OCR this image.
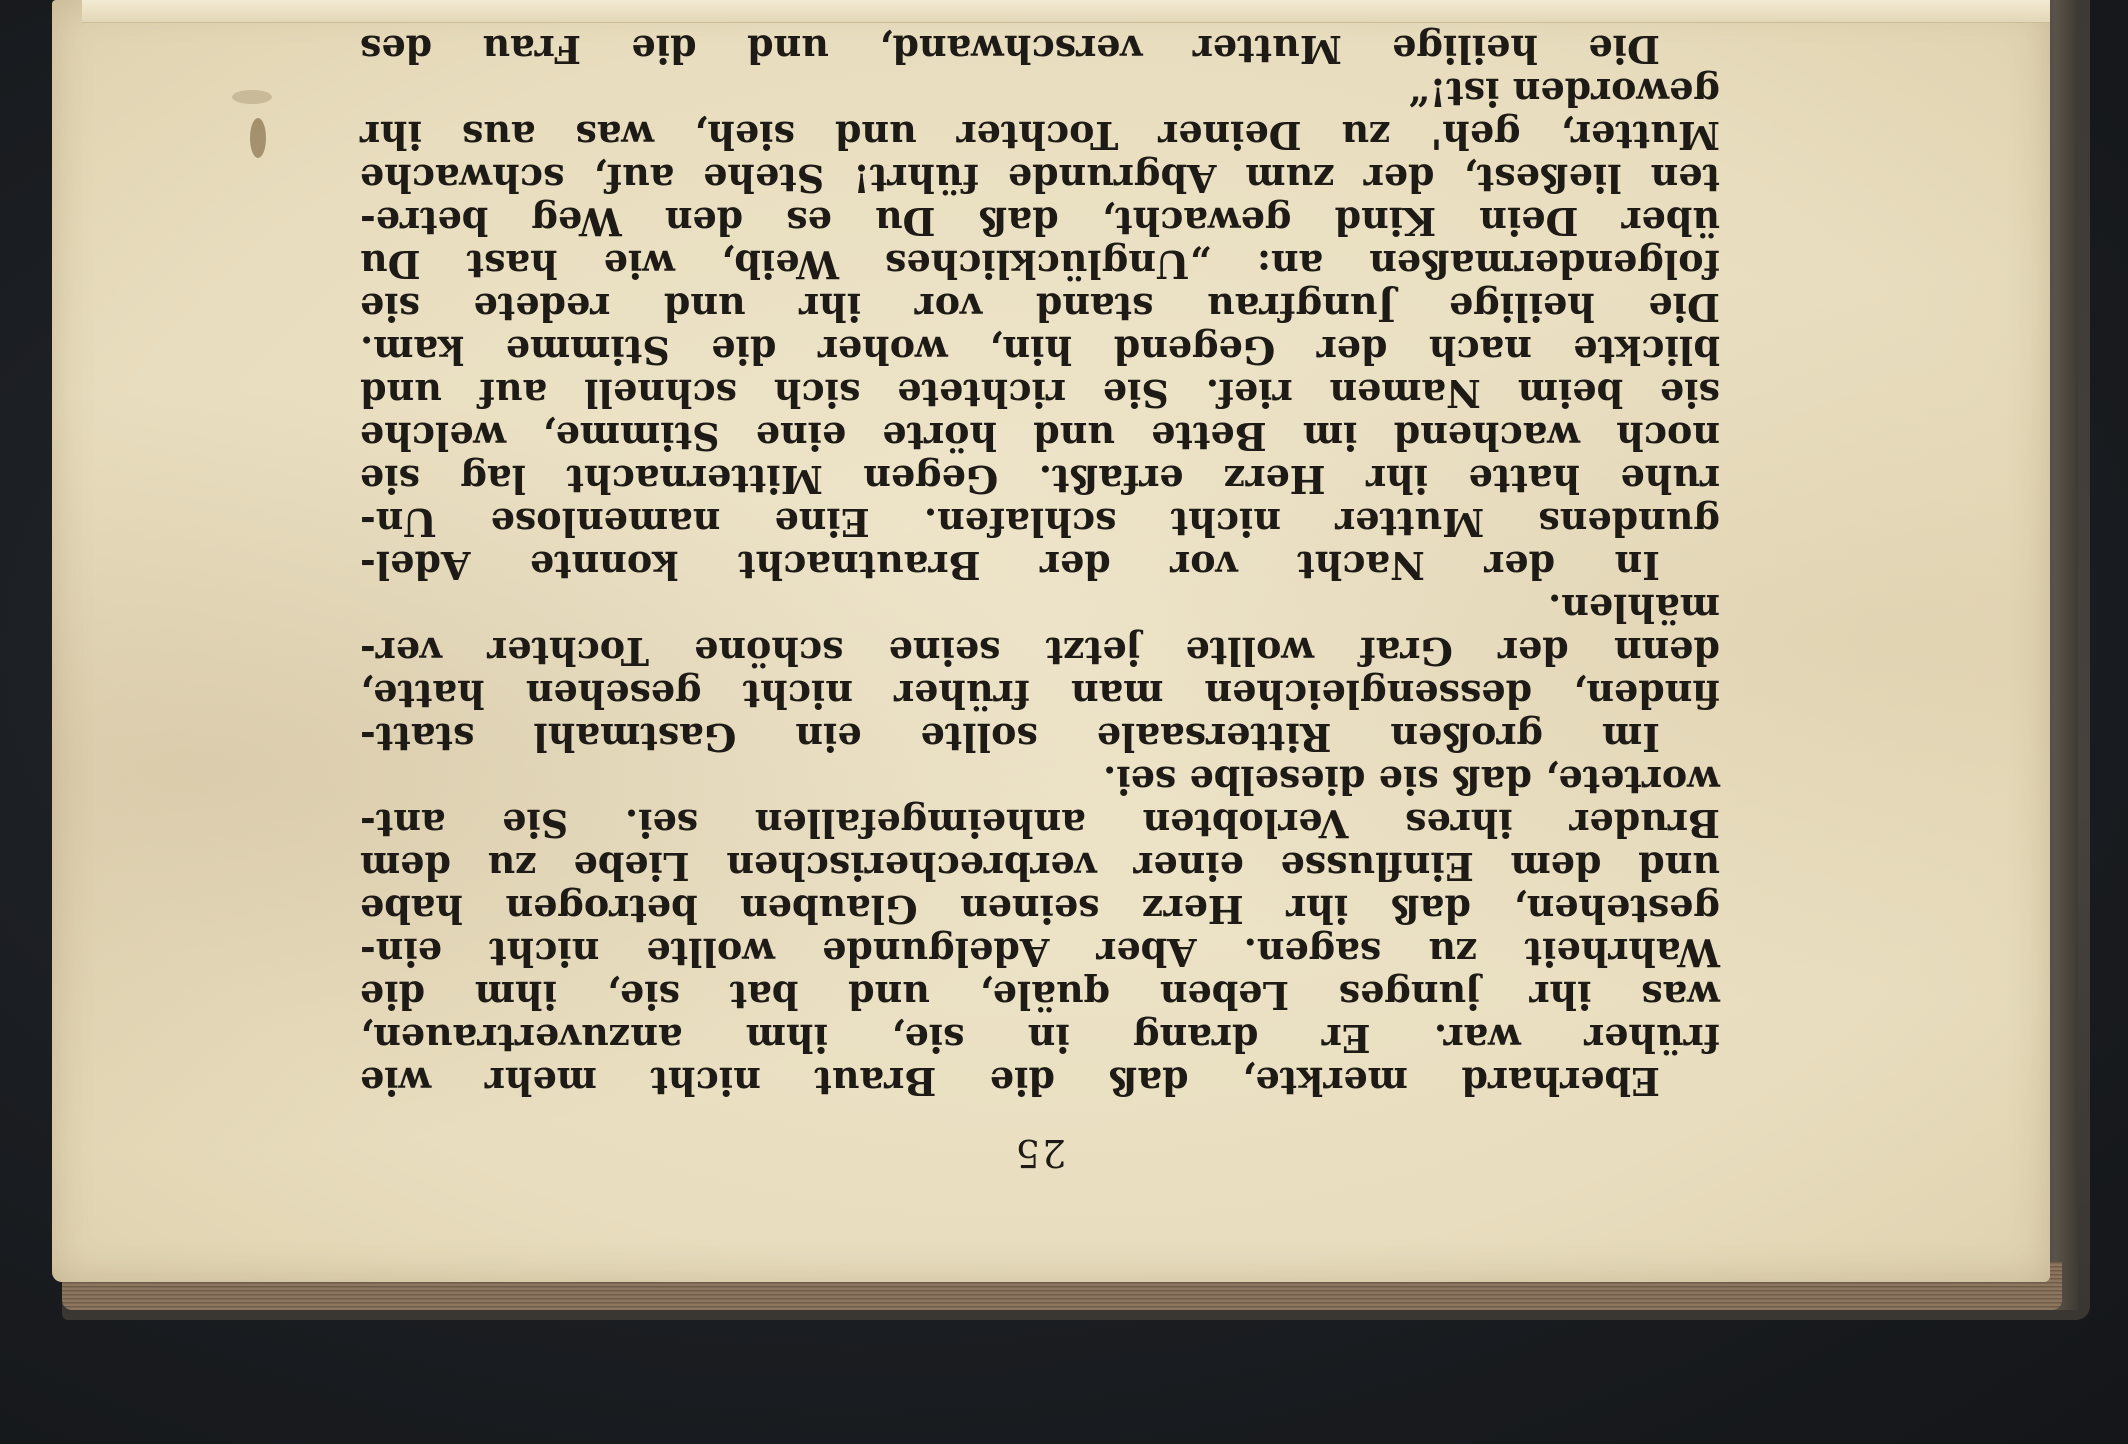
25
Eberhard merkte, daß die Braut nicht mehr wie
früher war. Er drang in sie, ihm anzuvertrauen,
was ihr junges Leben quäle, und bat sie, ihm die
Wahrheit zu sagen. Aber Adelgunde wollte nicht ein-
gestehen, daß ihr Herz seinen Glauben betrogen habe
und dem Einflusse einer verbrecherischen Liebe zu dem
Bruder ihres Verlobten anheimgefallen sei. Sie ant-
wortete, daß sie dieselbe sei.
Im großen Rittersaale sollte ein Gastmahl statt-
finden, dessengleichen man früher nicht gesehen hatte,
denn der Graf wollte jetzt seine schöne Tochter ver-
mählen.
In der Nacht vor der Brautnacht konnte Adel-
gundens Mutter nicht schlafen. Eine namenlose Un-
ruhe hatte ihr Herz erfaßt. Gegen Mitternacht lag sie
noch wachend im Bette und hörte eine Stimme, welche
sie beim Namen rief. Sie richtete sich schnell auf und
blickte nach der Gegend hin, woher die Stimme kam.
Die heilige Jungfrau stand vor ihr und redete sie
folgendermaßen an: „Unglückliches Weib, wie hast Du
über Dein Kind gewacht, daß Du es den Weg betre-
ten ließest, der zum Abgrunde führt! Stehe auf, schwache
Mutter, geh' zu Deiner Tochter und sieh, was aus ihr
geworden ist!“
Die heilige Mutter verschwand, und die Frau des
